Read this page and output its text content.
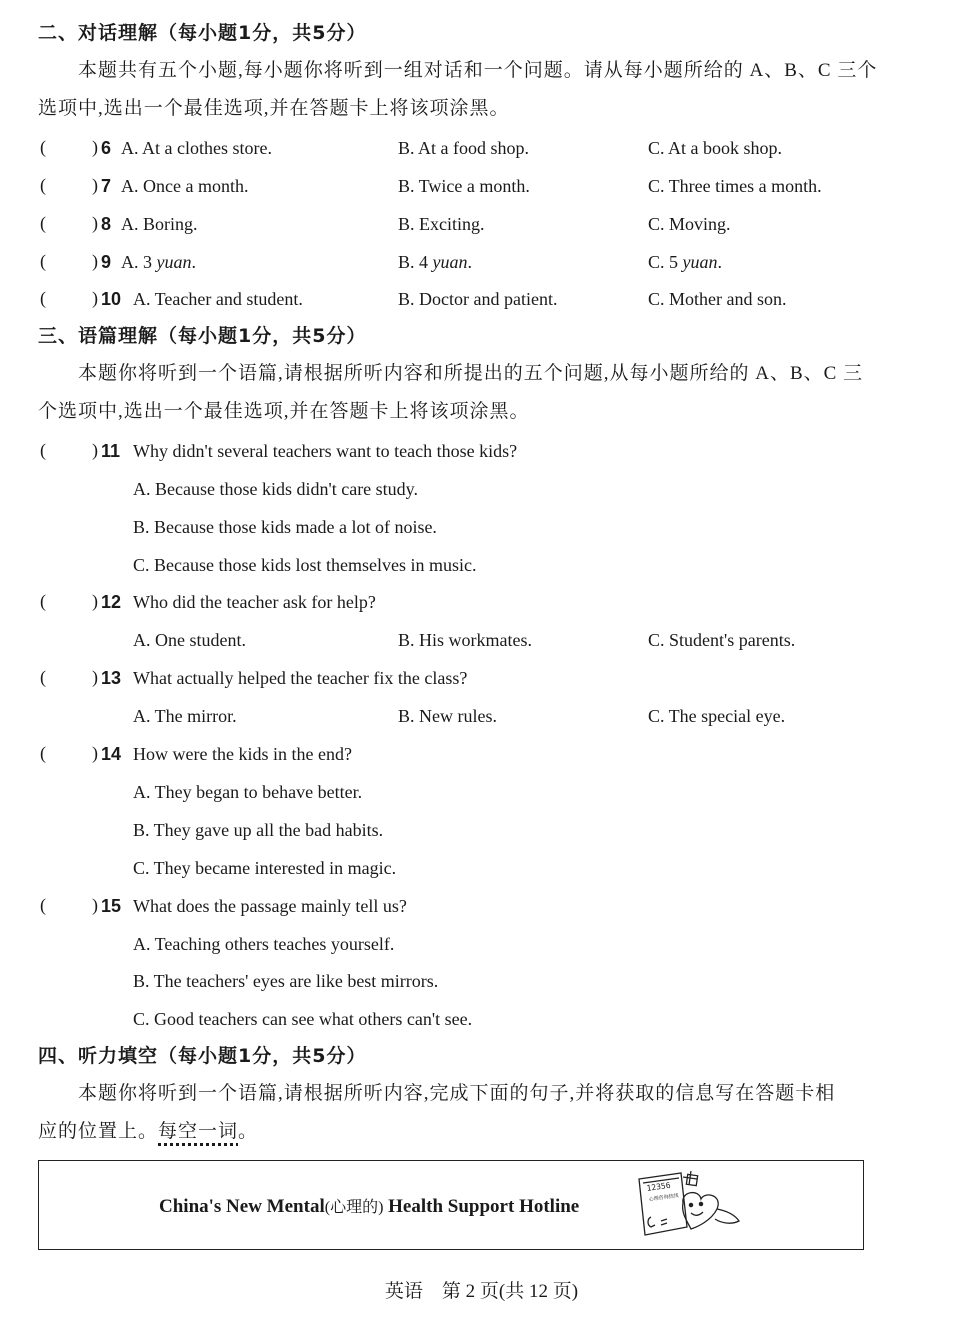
二、对话理解（每小题1分，共5分）
本题共有五个小题,每小题你将听到一组对话和一个问题。请从每小题所给的 A、B、C 三个
选项中,选出一个最佳选项,并在答题卡上将该项涂黑。
(	) 6 A. At a clothes store.	B. At a food shop.	C. At a book shop.
(	) 7 A. Once a month.	B. Twice a month.	C. Three times a month.
(	) 8 A. Boring.	B. Exciting.	C. Moving.
(	) 9 A. 3 yuan.	B. 4 yuan.	C. 5 yuan.
(	) 10 A. Teacher and student.	B. Doctor and patient.	C. Mother and son.
三、语篇理解（每小题1分，共5分）
本题你将听到一个语篇,请根据所听内容和所提出的五个问题,从每小题所给的 A、B、C 三
个选项中,选出一个最佳选项,并在答题卡上将该项涂黑。
(	) 11 Why didn't several teachers want to teach those kids?
A. Because those kids didn't care study.
B. Because those kids made a lot of noise.
C. Because those kids lost themselves in music.
(	) 12 Who did the teacher ask for help?
A. One student.	B. His workmates.	C. Student's parents.
(	) 13 What actually helped the teacher fix the class?
A. The mirror.	B. New rules.	C. The special eye.
(	) 14 How were the kids in the end?
A. They began to behave better.
B. They gave up all the bad habits.
C. They became interested in magic.
(	) 15 What does the passage mainly tell us?
A. Teaching others teaches yourself.
B. The teachers' eyes are like best mirrors.
C. Good teachers can see what others can't see.
四、听力填空（每小题1分，共5分）
本题你将听到一个语篇,请根据所听内容,完成下面的句子,并将获取的信息写在答题卡相
应的位置上。每空一词。
China's New Mental(心理的) Health Support Hotline
12356
心理咨询热线
英语　第 2 页(共 12 页)
